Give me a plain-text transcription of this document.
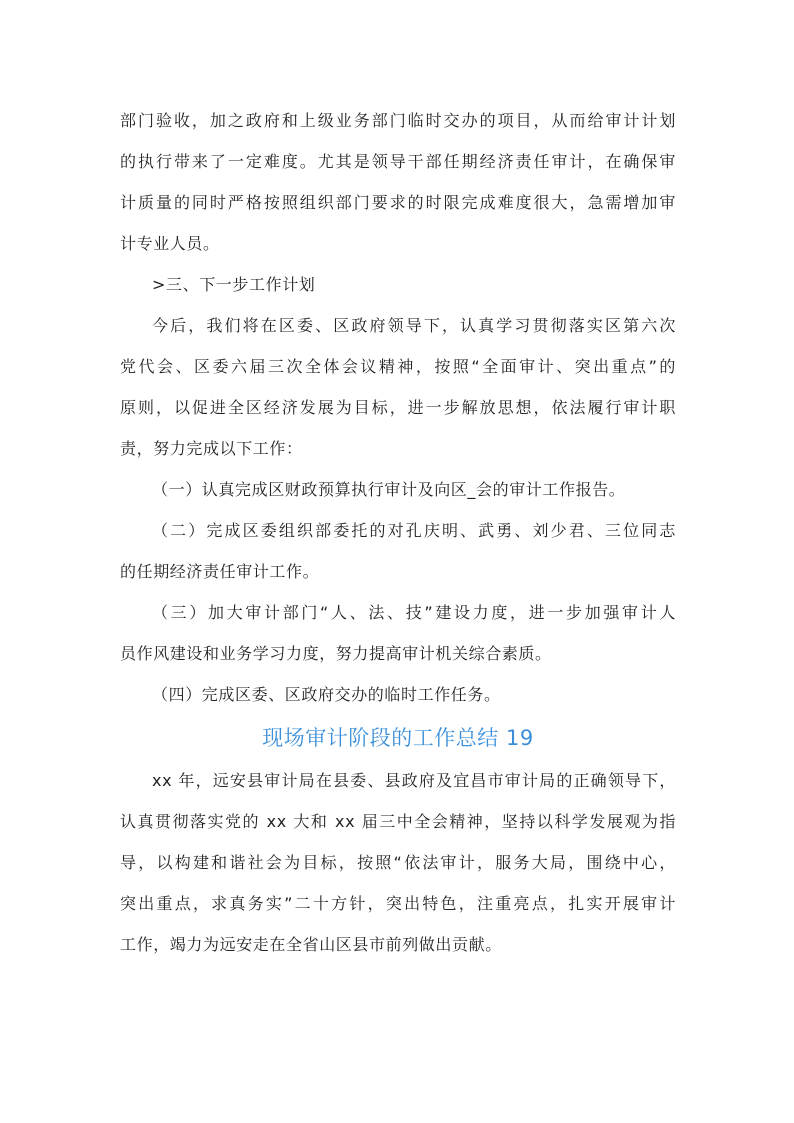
部门验收，加之政府和上级业务部门临时交办的项目，从而给审计计划
的执行带来了一定难度。尤其是领导干部任期经济责任审计，在确保审
计质量的同时严格按照组织部门要求的时限完成难度很大，急需增加审
计专业人员。
>三、下一步工作计划
今后，我们将在区委、区政府领导下，认真学习贯彻落实区第六次
党代会、区委六届三次全体会议精神，按照“全面审计、突出重点”的
原则，以促进全区经济发展为目标，进一步解放思想，依法履行审计职
责，努力完成以下工作：
（一）认真完成区财政预算执行审计及向区_会的审计工作报告。
（二）完成区委组织部委托的对孔庆明、武勇、刘少君、三位同志
的任期经济责任审计工作。
（三）加大审计部门“人、法、技”建设力度，进一步加强审计人
员作风建设和业务学习力度，努力提高审计机关综合素质。
（四）完成区委、区政府交办的临时工作任务。
现场审计阶段的工作总结 19
xx 年，远安县审计局在县委、县政府及宜昌市审计局的正确领导下，
认真贯彻落实党的 xx 大和 xx 届三中全会精神，坚持以科学发展观为指
导，以构建和谐社会为目标，按照“依法审计，服务大局，围绕中心，
突出重点，求真务实”二十方针，突出特色，注重亮点，扎实开展审计
工作，竭力为远安走在全省山区县市前列做出贡献。
